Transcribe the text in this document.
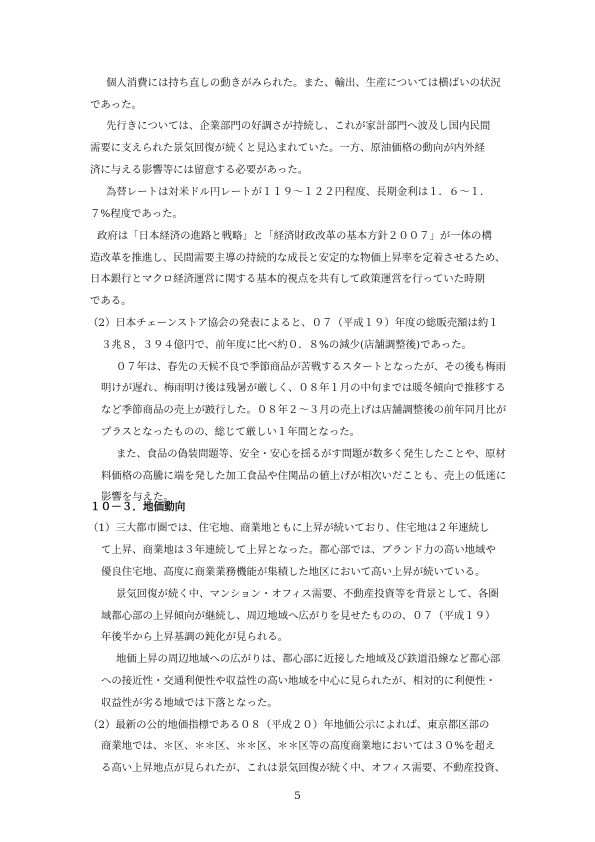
個人消費には持ち直しの動きがみられた。また、輸出、生産については横ばいの状況
であった。
先行きについては、企業部門の好調さが持続し、これが家計部門へ波及し国内民間
需要に支えられた景気回復が続くと見込まれていた。一方、原油価格の動向が内外経
済に与える影響等には留意する必要があった。
為替レートは対米ドル円レートが１１９～１２２円程度、長期金利は１．６～１．
７%程度であった。
政府は「日本経済の進路と戦略」と「経済財政改革の基本方針２００７」が一体の構
造改革を推進し、民間需要主導の持続的な成長と安定的な物価上昇率を定着させるため、
日本銀行とマクロ経済運営に関する基本的視点を共有して政策運営を行っていた時期
である。
（2）日本チェーンストア協会の発表によると、０７（平成１９）年度の総販売額は約１
３兆８，３９４億円で、前年度に比べ約０．８%の減少(店舗調整後)であった。
０７年は、春先の天候不良で季節商品が苦戦するスタートとなったが、その後も梅雨
明けが遅れ、梅雨明け後は残暑が厳しく、０８年１月の中旬までは暖冬傾向で推移する
など季節商品の売上が跛行した。０８年２～３月の売上げは店舗調整後の前年同月比が
プラスとなったものの、総じて厳しい１年間となった。
また、食品の偽装問題等、安全・安心を揺るがす問題が数多く発生したことや、原材
料価格の高騰に端を発した加工食品や住関品の値上げが相次いだことも、売上の低迷に
影響を与えた。
１０－３．地価動向
（1）三大都市圏では、住宅地、商業地ともに上昇が続いており、住宅地は２年連続し
て上昇、商業地は３年連続して上昇となった。都心部では、ブランド力の高い地域や
優良住宅地、高度に商業業務機能が集積した地区において高い上昇が続いている。
景気回復が続く中、マンション・オフィス需要、不動産投資等を背景として、各圏
域都心部の上昇傾向が継続し、周辺地域へ広がりを見せたものの、０７（平成１９）
年後半から上昇基調の鈍化が見られる。
地価上昇の周辺地域への広がりは、都心部に近接した地域及び鉄道沿線など都心部
への接近性・交通利便性や収益性の高い地域を中心に見られたが、相対的に利便性・
収益性が劣る地域では下落となった。
（2）最新の公的地価指標である０８（平成２０）年地価公示によれば、東京都区部の
商業地では、＊区、＊＊区、＊＊区、＊＊区等の高度商業地においては３０%を超え
る高い上昇地点が見られたが、これは景気回復が続く中、オフィス需要、不動産投資、
5
